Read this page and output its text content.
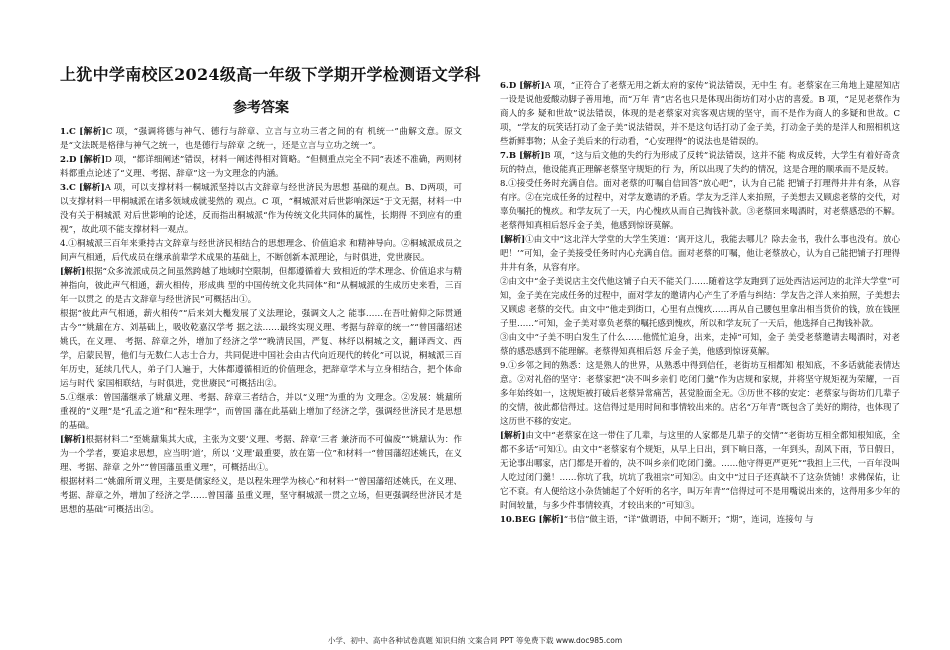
上犹中学南校区2024级高一年级下学期开学检测语文学科
参考答案

1.C [解析]C 项，“强调将德与神气、德行与辞章、立言与立功三者之间的有 机统一”曲解文意。原文是“文法既是格律与神气之统一，也是德行与辞章 之统一，还是立言与立功之统一”。

2.D [解析]D 项，“都详细阐述”错误，材料一阐述得相对简略。“但侧重点完全不同”表述不准确，两则材料都重点论述了“义理、考据、辞章”这一为文理念的内涵。

3.C [解析]A 项，可以支撑材料一桐城派坚持以古文辞章与经世济民为思想 基础的观点。B、D两项，可以支撑材料一甲桐城派在诸多领域成就斐然的 观点。C 项，“桐城派对后世影响深远”于文无据，材料一中没有关于桐城派 对后世影响的论述，反而指出桐城派“作为传统文化共同体的属性，长期得 不到应有的重视”，故此项不能支撑材料一观点。

4.①桐城派三百年来秉持古文辞章与经世济民相结合的思想理念、价值追求 和精神导向。②桐城派成员之间声气相通，后代成员在继承前辈学术成果的基础上，不断创新本派理论，与时俱进，党世赓民。

[解析]根据“众多流派成员之间虽然跨越了地域时空限制，但都遵循着大 致相近的学术理念、价值追求与精神指向，彼此声气相通，薪火相传，形成典 型的中国传统文化共同体”和“从桐城派的生成历史来看，三百年一以贯之 的是古文辞章与经世济民”可概括出①。

根据“彼此声气相通，薪火相传”“后来刘大櫆发展了义法理论，强调文人之 能事……在吾吐俯仰之际贯通古今”“姚鼐在方、刘基础上，吸收乾嘉汉学考 据之法……最终实现义理、考据与辞章的统一”“曾国藩绍述姚氏，在义理、 考据、辞章之外，增加了经济之学”“晚清民国，严复、林纾以桐城之文，翻译西文、西学，启蒙民智，他们与无数仁人志士合力，共同促进中国社会由古代向近现代的转化”可以说，桐城派三百年历史，延续几代人，弟子门人遍于，大体都遵循相近的价值理念，把辞章学术与立身相结合，把个体命运与时代 家国相联结，与时俱进，党世赓民”可概括出②。

5.①继承：曾国藩继承了姚鼐义理、考据、辞章三者结合，并以“义理”为重的为 文理念。②发展：姚鼐所重视的“义理”是“孔孟之道”和“程朱理学”，而曾国 藩在此基础上增加了经济之学，强调经世济民才是思想的基础。

[解析]根据材料二“至姚鼐集其大成，主张为文要‘义理、考据、辞章’三者 兼济而不可偏废”“姚鼐认为：作为一个学者，要追求思想，应当明‘道’，所以 ‘义理’最重要，放在第一位”和材料一“曾国藩绍述姚氏，在义理、考据、辞章 之外”“曾国藩虽重义理”，可概括出①。

根据材料二“姚鼐所谓义理，主要是儒家经义，是以程朱理学为核心”和材料一“曾国藩绍述姚氏，在义理、考据、辞章之外，增加了经济之学……曾国藩 虽重义理，坚守桐城派一贯之立场，但更强调经世济民才是思想的基础”可概括出②。

6.D [解析]A 项，“正符合了老蔡无用之新太府的家传”说法错误，无中生 有。老蔡家在三角地上建屋知店一设是说他爱酸动脚子善用地，而“万年 青”店名也只是体现出街坊们对小店的喜爱。B 项，“足见老蔡作为商人的多 疑和世故”说法错误，体现的是老蔡家对宾客观店规的坚守，而不是作为商人的多疑和世故。C 项，“学友的玩笑话打动了金子美”说法错误，并不是这句话打动了金子美，打动金子美的是洋人和照相机这些新鲜事物；从金子美后来的行动看，“心安理得”的说法也是错误的。

7.B [解析]B 项，“这与后文他的失约行为形成了反转”说法错误，这并不能 构成反转，大学生有着好奇贪玩的特点，他设能真正理解老蔡坚守规矩的行 为，所以出现了失约的情况，这是合理的顺承而不是反转。

8.①接受任务时充满自信。面对老蔡的叮嘱自信回答“放心吧”，认为自己能 把铺子打理得井井有条，从容有序。②在完成任务的过程中，对学友邀请的矛盾。学友为乏洋人来拍照，子美想去又顾虑老蔡的交代，对辜负嘱托的愧疚。和学友玩了一天，内心愧疚从而自己掏钱补款。③老蔡回来喝酒时，对老蔡感恐的不解。老蔡得知真相后怒斥金子美，他感到惊讶莫解。

[解析]①由文中“这北洋大学堂的大学生笑道：‘离开这儿，我能去哪儿？除去金书，我什么事也没有。放心吧！’”可知，金子美接受任务时内心充满自信。面对老蔡的叮嘱，他让老蔡放心，认为自己能把铺子打理得井井有条，从容有序。

②由文中“金子美说店主交代他这铺子白天不能关门……随着这学友跑到了远处西洁运河边的北洋大学堂”可知，金子美在完成任务的过程中，面对学友的邀请内心产生了矛盾与纠结：学友告之洋人来拍照，子美想去又顾虑 老蔡的交代。由文中“他走到街口，心里有点愧疚……再从自己腰包里拿出相当货价的钱，放在钱匣子里……”可知，金子美对辜负老蔡的嘱托感到愧疚，所以和学友玩了一天后，他选择自己掏钱补款。

③由文中“子美不明白发生了什么……他慌忙追身，出来，走掉”可知，金子 美受老蔡邀请去喝酒时，对老蔡的感恐感到不能理解。老蔡得知真相后怒 斥金子美，他感到惊讶莫解。

9.①乡邻之间的熟悉：这是熟人的世界，从熟悉中得到信任，老街坊互相都知 根知底，不多话就能表情达意。②对礼俗的坚守：老蔡家把“决不叫乡亲们 吃闭门羹”作为店规和家规，并将坚守规矩视为荣耀，一百多年始终如一，这规矩被打破后老蔡异常痛苦，甚觉脸面全无。③历世不移的安定：老蔡家与街坊们几辈子的交情，彼此都信得过。这信得过是用时间和事情较出来的。店名“万年青”既包含了美好的期待，也体现了这历世不移的安定。

[解析]由文中“老蔡家在这一带住了几辈，与这里的人家都是几辈子的交情”“老街坊互相全都知根知底，全都不多话”可知①。由文中“老蔡家有个规矩，从早上日出，到下晌日落，一年到头，刮风下雨，节日假日，无论事出哪家，店门都是开着的，决不叫乡亲们吃闭门羹。……他守得更严更死”“我担上三代，一百年没叫人吃过闭门羹！……你坑了我，坑坑了我祖宗”可知②。由文中“过日子还真缺不了这杂货铺！求佛保佑，让它不衰。有人便给这小杂货铺起了个好听的名字，叫万年青”“信得过可不是用嘴说出来的，这得用多少年的时间较量，与多少件事情较真，才较出来的”可知③。

10.BEG [解析]“书信”做主语，“详”做谓语，中间不断开；“期”，连词，连接句 与

小学、初中、高中各种试卷真题 知识归纳 文案合同 PPT 等免费下载 www.doc985.com
